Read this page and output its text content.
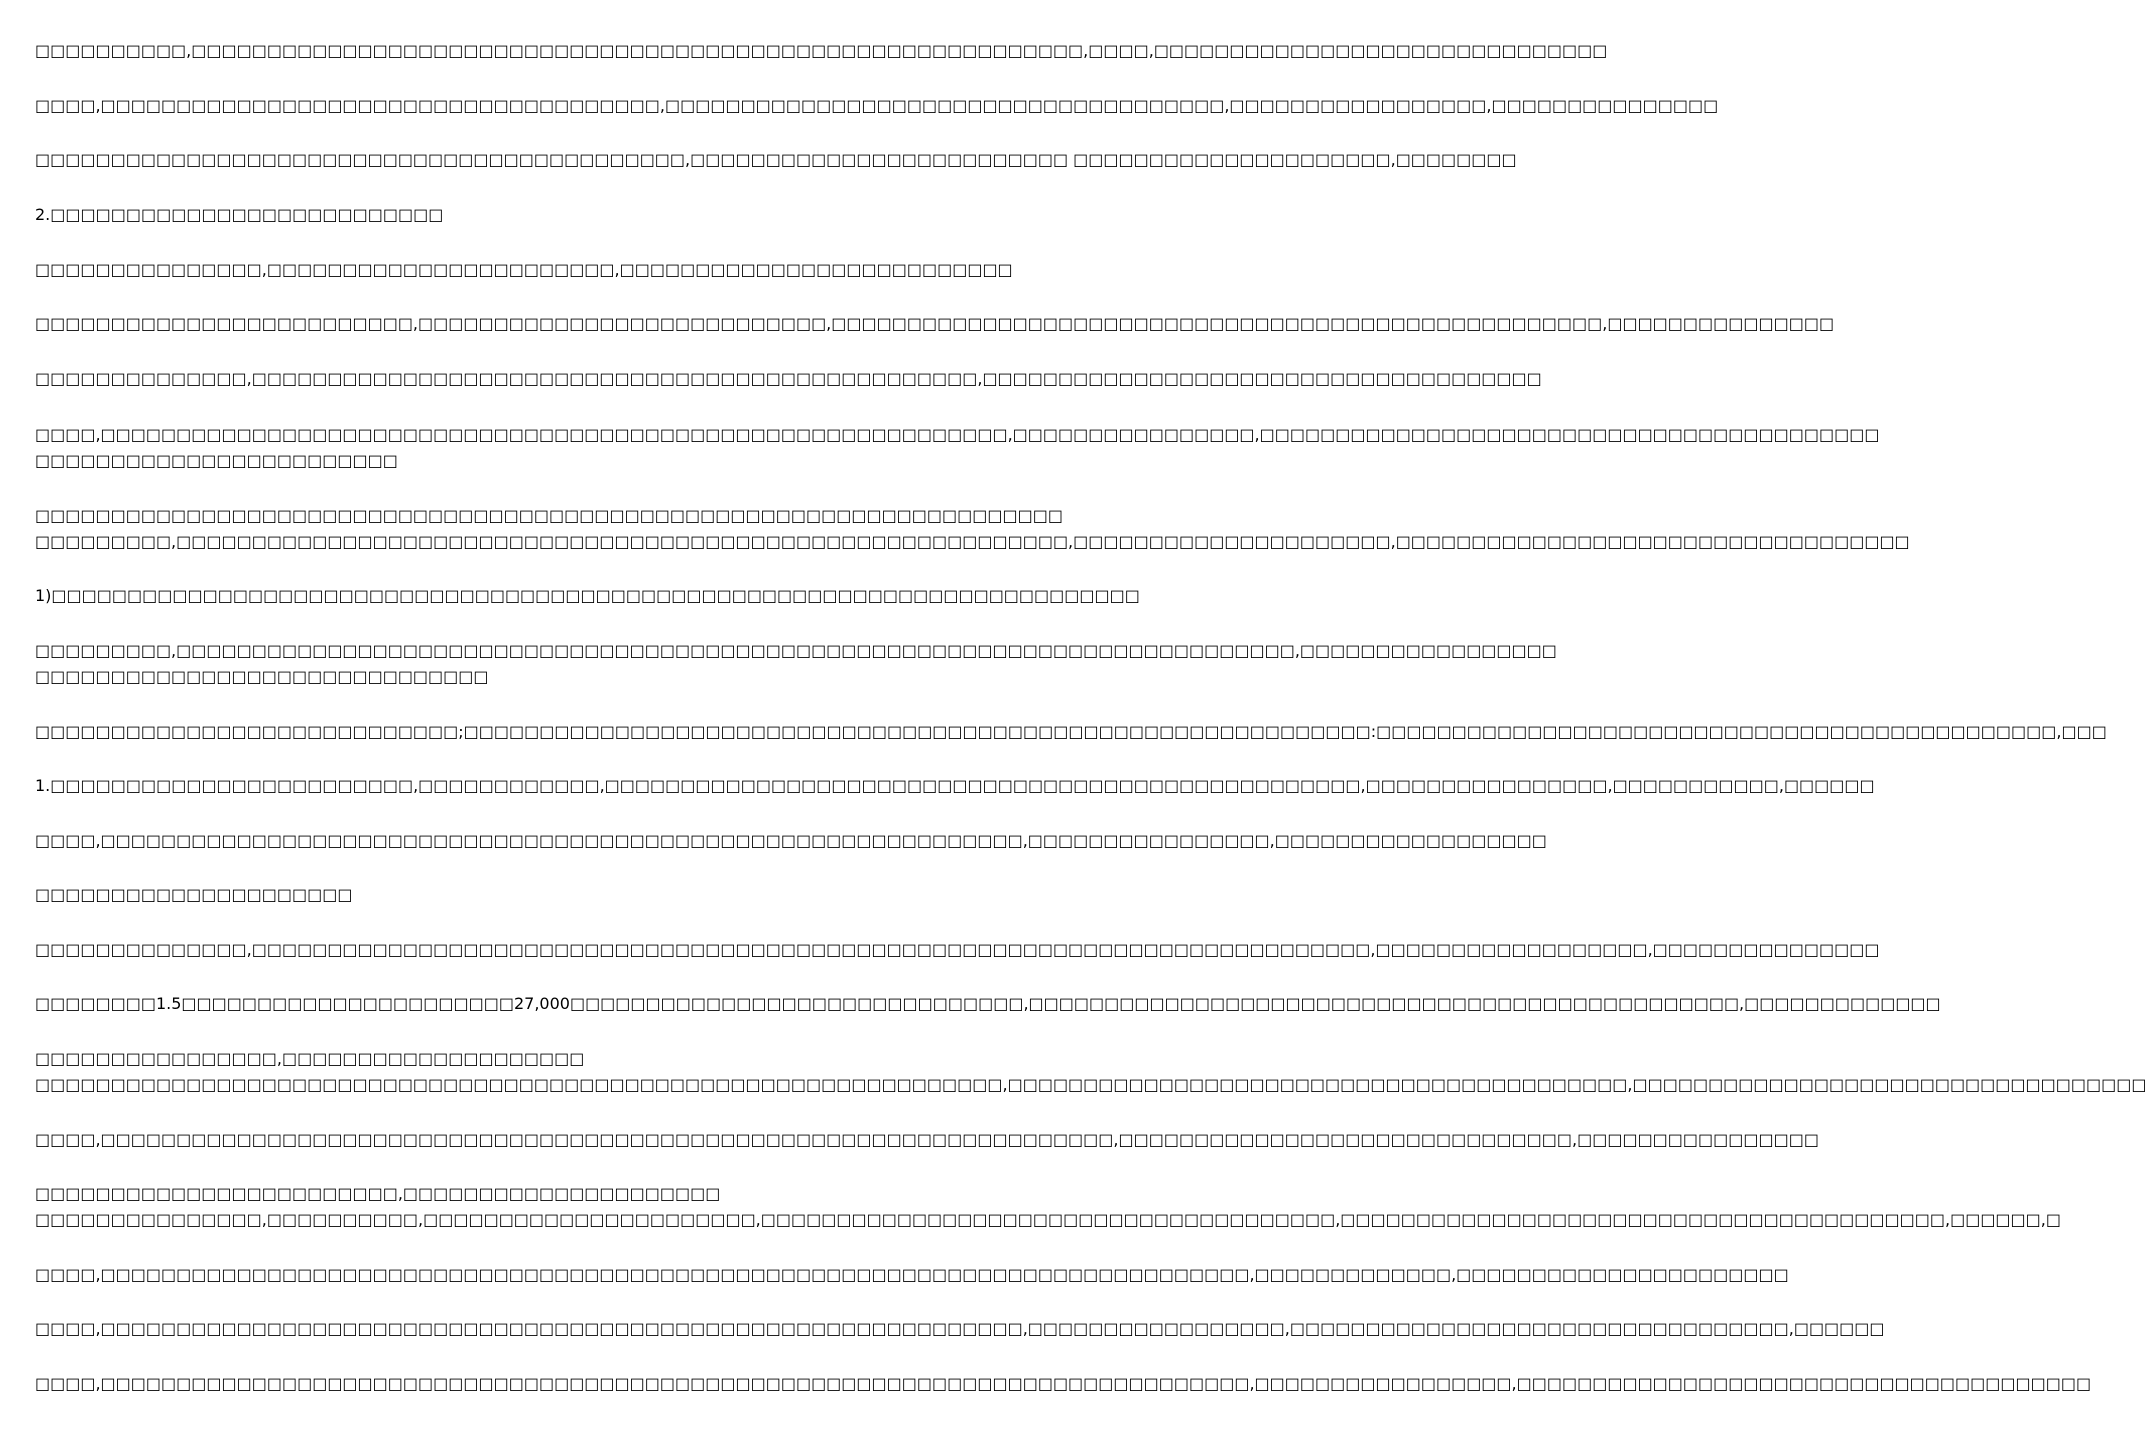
□□□□□□□□□□,□□□□□□□□□□□□□□□□□□□□□□□□□□□□□□□□□□□□□□□□□□□□□□□□□□□□□□□□□□□,□□□□,□□□□□□□□□□□□□□□□□□□□□□□□□□□□□□
□□□□,□□□□□□□□□□□□□□□□□□□□□□□□□□□□□□□□□□□□□,□□□□□□□□□□□□□□□□□□□□□□□□□□□□□□□□□□□□□,□□□□□□□□□□□□□□□□□,□□□□□□□□□□□□□□□
□□□□□□□□□□□□□□□□□□□□□□□□□□□□□□□□□□□□□□□□□□□,□□□□□□□□□□□□□□□□□□□□□□□□□ □□□□□□□□□□□□□□□□□□□□□,□□□□□□□□
2.□□□□□□□□□□□□□□□□□□□□□□□□□□
□□□□□□□□□□□□□□□,□□□□□□□□□□□□□□□□□□□□□□□,□□□□□□□□□□□□□□□□□□□□□□□□□□
□□□□□□□□□□□□□□□□□□□□□□□□□,□□□□□□□□□□□□□□□□□□□□□□□□□□□,□□□□□□□□□□□□□□□□□□□□□□□□□□□□□□□□□□□□□□□□□□□□□□□□□□□,□□□□□□□□□□□□□□□
□□□□□□□□□□□□□□,□□□□□□□□□□□□□□□□□□□□□□□□□□□□□□□□□□□□□□□□□□□□□□□□,□□□□□□□□□□□□□□□□□□□□□□□□□□□□□□□□□□□□□
□□□□,□□□□□□□□□□□□□□□□□□□□□□□□□□□□□□□□□□□□□□□□□□□□□□□□□□□□□□□□□□□□,□□□□□□□□□□□□□□□□,□□□□□□□□□□□□□□□□□□□□□□□□□□□□□□□□□□□□□□□□□
□□□□□□□□□□□□□□□□□□□□□□□□
□□□□□□□□□□□□□□□□□□□□□□□□□□□□□□□□□□□□□□□□□□□□□□□□□□□□□□□□□□□□□□□□□□□□
□□□□□□□□□,□□□□□□□□□□□□□□□□□□□□□□□□□□□□□□□□□□□□□□□□□□□□□□□□□□□□□□□□□□□,□□□□□□□□□□□□□□□□□□□□□,□□□□□□□□□□□□□□□□□□□□□□□□□□□□□□□□□□
1)□□□□□□□□□□□□□□□□□□□□□□□□□□□□□□□□□□□□□□□□□□□□□□□□□□□□□□□□□□□□□□□□□□□□□□□□
□□□□□□□□□,□□□□□□□□□□□□□□□□□□□□□□□□□□□□□□□□□□□□□□□□□□□□□□□□□□□□□□□□□□□□□□□□□□□□□□□□□□,□□□□□□□□□□□□□□□□□
□□□□□□□□□□□□□□□□□□□□□□□□□□□□□□
□□□□□□□□□□□□□□□□□□□□□□□□□□□□;□□□□□□□□□□□□□□□□□□□□□□□□□□□□□□□□□□□□□□□□□□□□□□□□□□□□□□□□□□□□:□□□□□□□□□□□□□□□□□□□□□□□□□□□□□□□□□□□□□□□□□□□□□,□□□
1.□□□□□□□□□□□□□□□□□□□□□□□□,□□□□□□□□□□□□,□□□□□□□□□□□□□□□□□□□□□□□□□□□□□□□□□□□□□□□□□□□□□□□□□□,□□□□□□□□□□□□□□□□,□□□□□□□□□□□,□□□□□□
□□□□,□□□□□□□□□□□□□□□□□□□□□□□□□□□□□□□□□□□□□□□□□□□□□□□□□□□□□□□□□□□□□,□□□□□□□□□□□□□□□□,□□□□□□□□□□□□□□□□□□
□□□□□□□□□□□□□□□□□□□□□
□□□□□□□□□□□□□□,□□□□□□□□□□□□□□□□□□□□□□□□□□□□□□□□□□□□□□□□□□□□□□□□□□□□□□□□□□□□□□□□□□□□□□□□□□,□□□□□□□□□□□□□□□□□□,□□□□□□□□□□□□□□□
□□□□□□□□1.5□□□□□□□□□□□□□□□□□□□□□□27,000□□□□□□□□□□□□□□□□□□□□□□□□□□□□□□,□□□□□□□□□□□□□□□□□□□□□□□□□□□□□□□□□□□□□□□□□□□□□□□,□□□□□□□□□□□□□
□□□□□□□□□□□□□□□□,□□□□□□□□□□□□□□□□□□□□
□□□□□□□□□□□□□□□□□□□□□□□□□□□□□□□□□□□□□□□□□□□□□□□□□□□□□□□□□□□□□□□□,□□□□□□□□□□□□□□□□□□□□□□□□□□□□□□□□□□□□□□□□□,□□□□□□□□□□□□□□□□□□□□□□□□□□□□□□□□□□
□□□□,□□□□□□□□□□□□□□□□□□□□□□□□□□□□□□□□□□□□□□□□□□□□□□□□□□□□□□□□□□□□□□□□□□□,□□□□□□□□□□□□□□□□□□□□□□□□□□□□□□,□□□□□□□□□□□□□□□□
□□□□□□□□□□□□□□□□□□□□□□□□,□□□□□□□□□□□□□□□□□□□□□
□□□□□□□□□□□□□□□,□□□□□□□□□□,□□□□□□□□□□□□□□□□□□□□□□,□□□□□□□□□□□□□□□□□□□□□□□□□□□□□□□□□□□□□□,□□□□□□□□□□□□□□□□□□□□□□□□□□□□□□□□□□□□□□□□,□□□□□□,□
□□□□,□□□□□□□□□□□□□□□□□□□□□□□□□□□□□□□□□□□□□□□□□□□□□□□□□□□□□□□□□□□□□□□□□□□□□□□□□□□□,□□□□□□□□□□□□□,□□□□□□□□□□□□□□□□□□□□□□
□□□□,□□□□□□□□□□□□□□□□□□□□□□□□□□□□□□□□□□□□□□□□□□□□□□□□□□□□□□□□□□□□□,□□□□□□□□□□□□□□□□□,□□□□□□□□□□□□□□□□□□□□□□□□□□□□□□□□□,□□□□□□
□□□□,□□□□□□□□□□□□□□□□□□□□□□□□□□□□□□□□□□□□□□□□□□□□□□□□□□□□□□□□□□□□□□□□□□□□□□□□□□□□,□□□□□□□□□□□□□□□□□,□□□□□□□□□□□□□□□□□□□□□□□□□□□□□□□□□□□□□□
